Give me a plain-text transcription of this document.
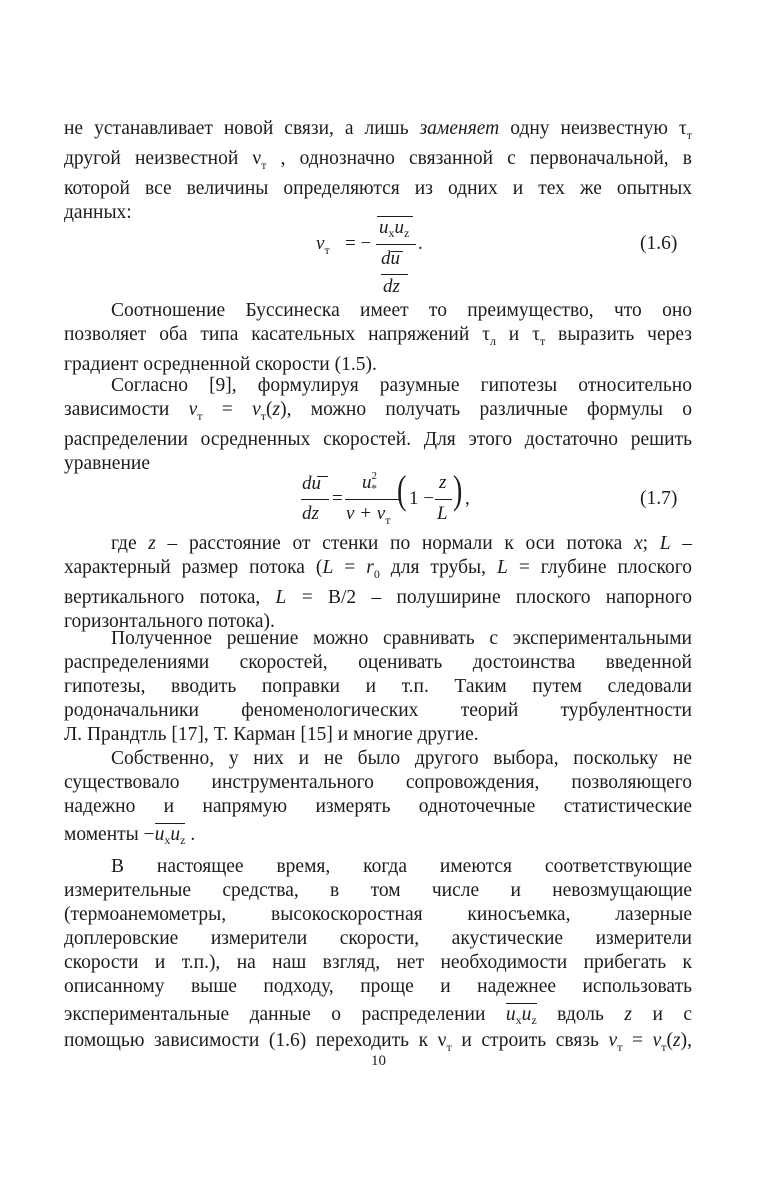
не устанавливает новой связи, а лишь заменяет одну неизвестную $\tau_т$
другой неизвестной $\nu_т$ , однозначно связанной с первоначальной, в
которой все величины определяются из одних и тех же опытных
данных:
$\nu_т$ = −
$u_xu_z$
du
dz
.	(1.6)
Соотношение Буссинеска имеет то преимущество, что оно
позволяет оба типа касательных напряжений $\tau_л$ и $\tau_т$ выразить через
градиент осредненной скорости (1.5).
Согласно [9], формулируя разумные гипотезы относительно
зависимости $\nu_т = \nu_т(z)$, можно получать различные формулы о
распределении осредненных скоростей. Для этого достаточно решить
уравнение
du
dz
=
$u^2_*$
$\nu + \nu_т$
( 1 −
z
L
) ,	(1.7)
где z – расстояние от стенки по нормали к оси потока x; L –
характерный размер потока ($L = r_0$ для трубы, L = глубине плоского
вертикального потока, L = B/2 – полуширине плоского напорного
горизонтального потока).
Полученное решение можно сравнивать с экспериментальными
распределениями скоростей, оценивать достоинства введенной
гипотезы, вводить поправки и т.п. Таким путем следовали
родоначальники феноменологических теорий турбулентности
Л. Прандтль [17], Т. Карман [15] и многие другие.
Собственно, у них и не было другого выбора, поскольку не
существовало инструментального сопровождения, позволяющего
надежно и напрямую измерять одноточечные статистические
моменты $-u_xu_z$ .
В настоящее время, когда имеются соответствующие
измерительные средства, в том числе и невозмущающие
(термоанемометры, высокоскоростная киносъемка, лазерные
доплеровские измерители скорости, акустические измерители
скорости и т.п.), на наш взгляд, нет необходимости прибегать к
описанному выше подходу, проще и надежнее использовать
экспериментальные данные о распределении $u_xu_z$ вдоль z и с
помощью зависимости (1.6) переходить к $\nu_т$ и строить связь $\nu_т = \nu_т(z)$,
10
